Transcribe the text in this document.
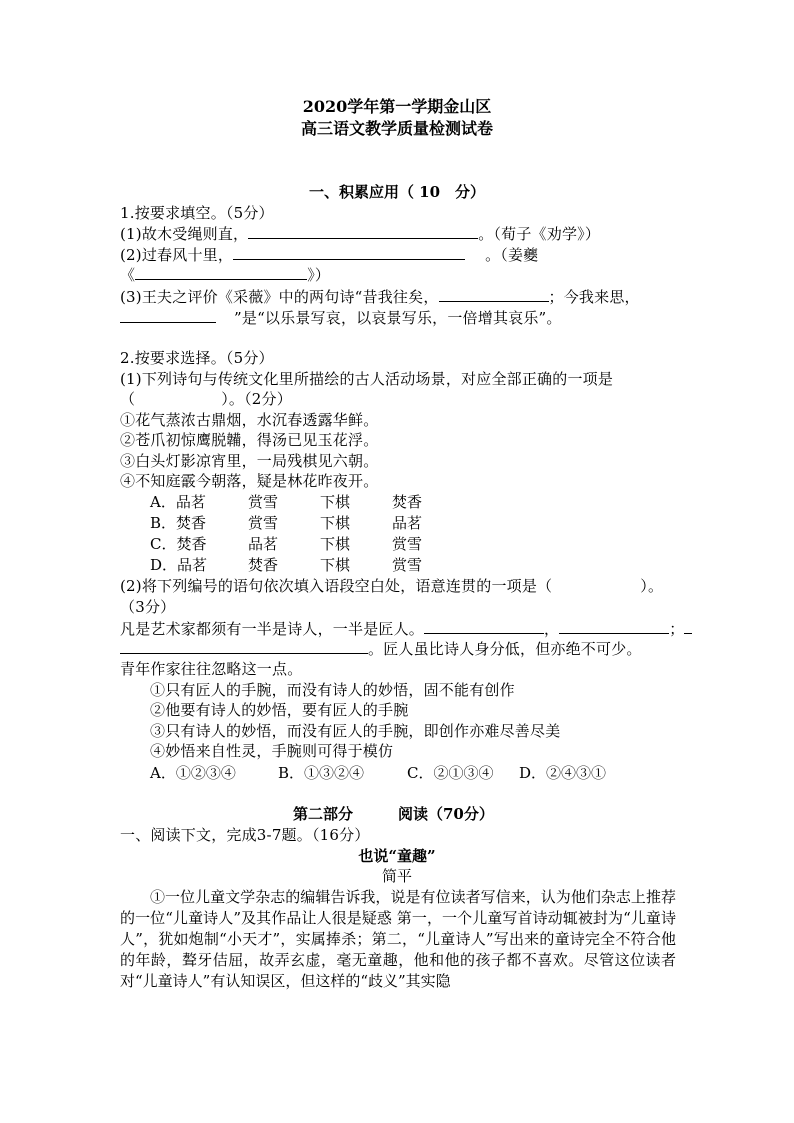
2020学年第一学期金山区
高三语文教学质量检测试卷
一、积累应用（ 10　分）
1.按要求填空。（5分）
(1)故木受绳则直，	。（荀子《劝学》）
(2)过春风十里，	。（姜夔
《	》）
(3)王夫之评价《采薇》中的两句诗“昔我往矣，	；今我来思，
”是“以乐景写哀，以哀景写乐，一倍增其哀乐”。
2.按要求选择。（5分）
(1)下列诗句与传统文化里所描绘的古人活动场景，对应全部正确的一项是
（	）。（2分）
①花气蒸浓古鼎烟，水沉春透露华鲜。
②苍爪初惊鹰脱韛，得汤已见玉花浮。
③白头灯影凉宵里，一局残棋见六朝。
④不知庭霰今朝落，疑是林花昨夜开。
A．品茗	赏雪	下棋	焚香
B．焚香	赏雪	下棋	品茗
C．焚香	品茗	下棋	赏雪
D．品茗	焚香	下棋	赏雪
(2)将下列编号的语句依次填入语段空白处，语意连贯的一项是（	）。
（3分）
凡是艺术家都须有一半是诗人，一半是匠人。	，	；
。匠人虽比诗人身分低，但亦绝不可少。
青年作家往往忽略这一点。
①只有匠人的手腕，而没有诗人的妙悟，固不能有创作
②他要有诗人的妙悟，要有匠人的手腕
③只有诗人的妙悟，而没有匠人的手腕，即创作亦难尽善尽美
④妙悟来自性灵，手腕则可得于模仿
A．①②③④	B．①③②④	C．②①③④ D．②④③①
第二部分	阅读（70分）
一、阅读下文，完成3-7题。（16分）
也说“童趣”
简平
①一位儿童文学杂志的编辑告诉我，说是有位读者写信来，认为他们杂志上推荐的一位“儿童诗人”及其作品让人很是疑惑 第一，一个儿童写首诗动辄被封为“儿童诗人”，犹如炮制“小天才”，实属捧杀；第二，“儿童诗人”写出来的童诗完全不符合他的年龄，聱牙佶屈，故弄玄虚，毫无童趣，他和他的孩子都不喜欢。尽管这位读者对“儿童诗人”有认知误区，但这样的“歧义”其实隐
